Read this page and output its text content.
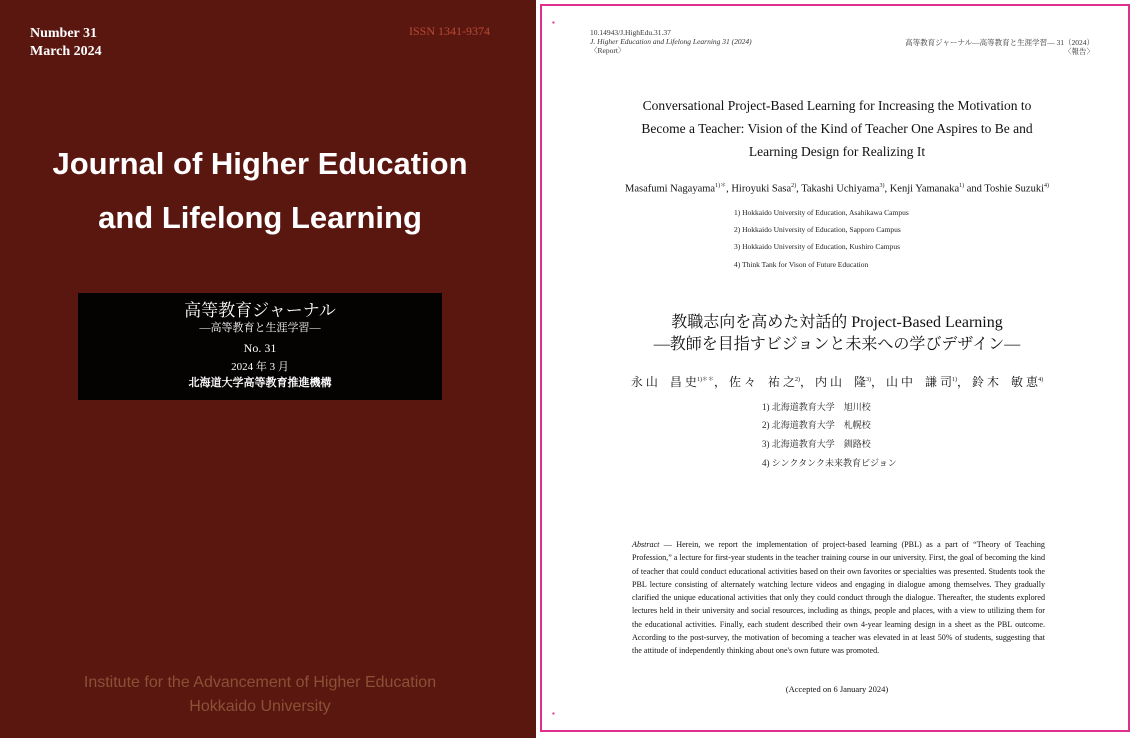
Number 31
March 2024
ISSN 1341-9374
Journal of Higher Education
and Lifelong Learning
高等教育ジャーナル
―高等教育と生涯学習―
No. 31
2024 年 3 月
北海道大学高等教育推進機構
Institute for the Advancement of Higher Education
Hokkaido University
▪
▪
10.14943/J.HighEdu.31.37
J. Higher Education and Lifelong Learning 31 (2024)
〈Report〉
高等教育ジャーナル―高等教育と生涯学習― 31（2024）
〈報告〉
Conversational Project-Based Learning for Increasing the Motivation to
Become a Teacher: Vision of the Kind of Teacher One Aspires to Be and
Learning Design for Realizing It
Masafumi Nagayama$^{1)*}$, Hiroyuki Sasa$^{2)}$, Takashi Uchiyama$^{3)}$, Kenji Yamanaka$^{1)}$ and Toshie Suzuki$^{4)}$
1) Hokkaido University of Education, Asahikawa Campus
2) Hokkaido University of Education, Sapporo Campus
3) Hokkaido University of Education, Kushiro Campus
4) Think Tank for Vison of Future Education
教職志向を高めた対話的 Project-Based Learning
―教師を目指すビジョンと未来への学びデザイン―
永 山　昌 史$^{1)**}$， 佐 々　祐 之$^{2)}$， 内 山　隆$^{3)}$， 山 中　謙 司$^{1)}$， 鈴 木　敏 恵$^{4)}$
1) 北海道教育大学　旭川校
2) 北海道教育大学　札幌校
3) 北海道教育大学　釧路校
4) シンクタンク未来教育ビジョン
Abstract ― Herein, we report the implementation of project-based learning (PBL) as a part of “Theory of Teaching Profession,” a lecture for first-year students in the teacher training course in our university. First, the goal of becoming the kind of teacher that could conduct educational activities based on their own favorites or specialties was presented. Students took the PBL lecture consisting of alternately watching lecture videos and engaging in dialogue among themselves. They gradually clarified the unique educational activities that only they could conduct through the dialogue. Thereafter, the students explored lectures held in their university and social resources, including as things, people and places, with a view to utilizing them for the educational activities. Finally, each student described their own 4-year learning design in a sheet as the PBL outcome. According to the post-survey, the motivation of becoming a teacher was elevated in at least 50% of students, suggesting that the attitude of independently thinking about one's own future was promoted.
(Accepted on 6 January 2024)
